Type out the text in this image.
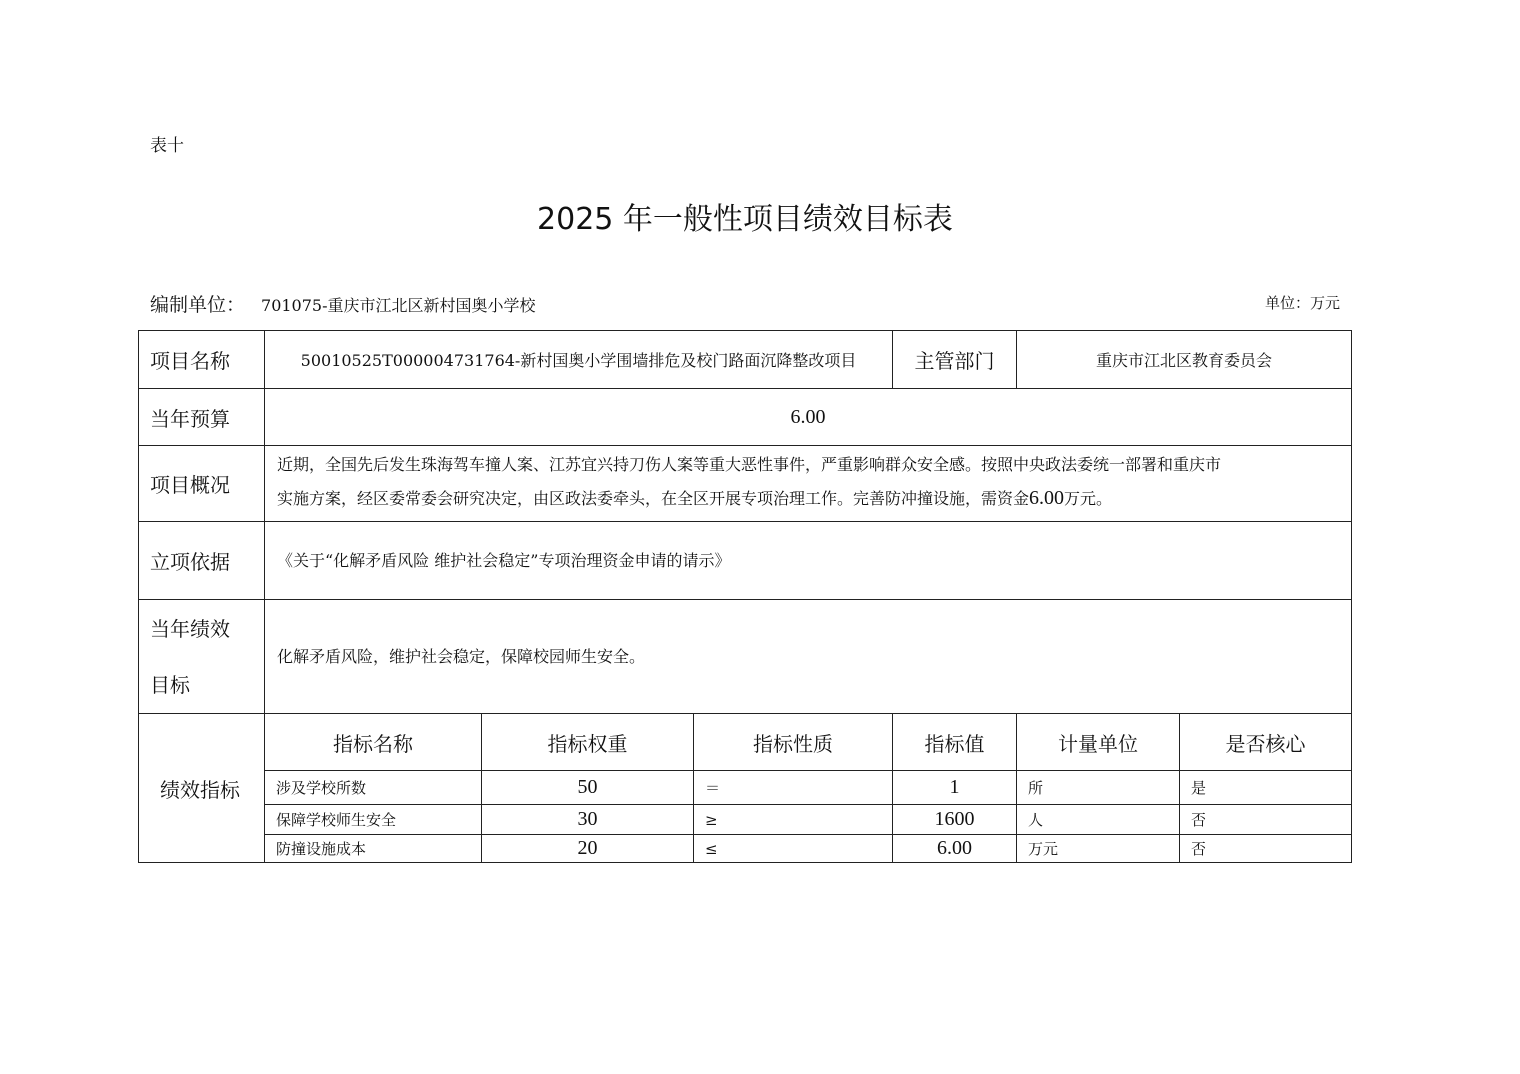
表十
2025 年一般性项目绩效目标表
编制单位： 701075-重庆市江北区新村国奥小学校	单位：万元
项目名称	50010525T000004731764-新村国奥小学围墙排危及校门路面沉降整改项目			主管部门	重庆市江北区教育委员会	
当年预算	6.00					
项目概况	近期，全国先后发生珠海驾车撞人案、江苏宜兴持刀伤人案等重大恶性事件，严重影响群众安全感。按照中央政法委统一部署和重庆市
实施方案，经区委常委会研究决定，由区政法委牵头，在全区开展专项治理工作。完善防冲撞设施，需资金6.00万元。					
立项依据	《关于“化解矛盾风险 维护社会稳定”专项治理资金申请的请示》					
当年绩效
目标	化解矛盾风险，维护社会稳定，保障校园师生安全。					
绩效指标	指标名称	指标权重	指标性质	指标值	计量单位	是否核心
	涉及学校所数	50	＝	1	所	是
	保障学校师生安全	30	≥	1600	人	否
	防撞设施成本	20	≤	6.00	万元	否
